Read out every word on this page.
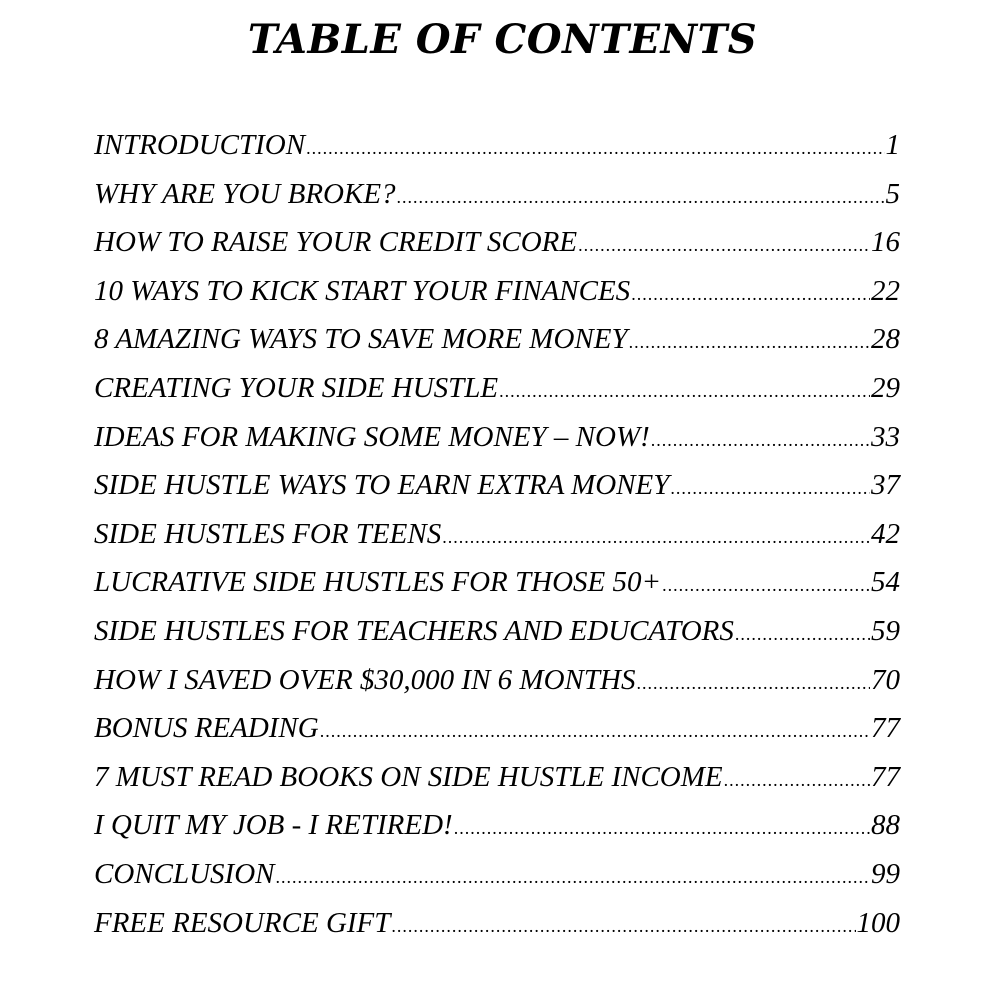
TABLE OF CONTENTS
INTRODUCTION .....	1
WHY ARE YOU BROKE? .....	5
HOW TO RAISE YOUR CREDIT SCORE .....	16
10 WAYS TO KICK START YOUR FINANCES .....	22
8 AMAZING WAYS TO SAVE MORE MONEY .....	28
CREATING YOUR SIDE HUSTLE .....	29
IDEAS FOR MAKING SOME MONEY – NOW! .....	33
SIDE HUSTLE WAYS TO EARN EXTRA MONEY .....	37
SIDE HUSTLES FOR TEENS .....	42
LUCRATIVE SIDE HUSTLES FOR THOSE 50+ .....	54
SIDE HUSTLES FOR TEACHERS AND EDUCATORS .....	59
HOW I SAVED OVER $30,000 IN 6 MONTHS .....	70
BONUS READING .....	77
7 MUST READ BOOKS ON SIDE HUSTLE INCOME .....	77
I QUIT MY JOB - I RETIRED! .....	88
CONCLUSION .....	99
FREE RESOURCE GIFT .....	100
